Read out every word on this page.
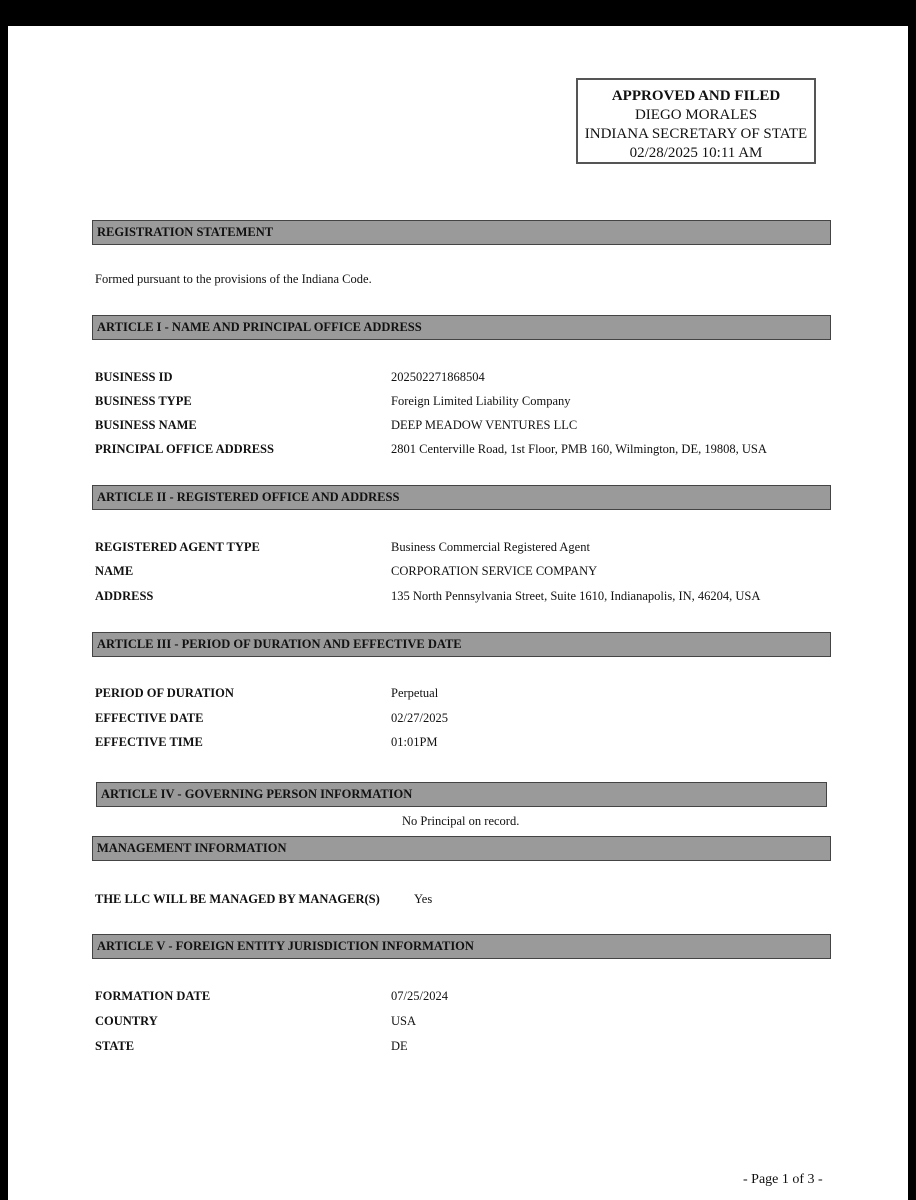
APPROVED AND FILED
DIEGO MORALES
INDIANA SECRETARY OF STATE
02/28/2025 10:11 AM
REGISTRATION STATEMENT
Formed pursuant to the provisions of the Indiana Code.
ARTICLE I - NAME AND PRINCIPAL OFFICE ADDRESS
BUSINESS ID	202502271868504
BUSINESS TYPE	Foreign Limited Liability Company
BUSINESS NAME	DEEP MEADOW VENTURES LLC
PRINCIPAL OFFICE ADDRESS	2801 Centerville Road, 1st Floor, PMB 160, Wilmington, DE, 19808, USA
ARTICLE II - REGISTERED OFFICE AND ADDRESS
REGISTERED AGENT TYPE	Business Commercial Registered Agent
NAME	CORPORATION SERVICE COMPANY
ADDRESS	135 North Pennsylvania Street, Suite 1610, Indianapolis, IN, 46204, USA
ARTICLE III - PERIOD OF DURATION AND EFFECTIVE DATE
PERIOD OF DURATION	Perpetual
EFFECTIVE DATE	02/27/2025
EFFECTIVE TIME	01:01PM
ARTICLE IV - GOVERNING PERSON INFORMATION
No Principal on record.
MANAGEMENT INFORMATION
THE LLC WILL BE MANAGED BY MANAGER(S)	Yes
ARTICLE V - FOREIGN ENTITY JURISDICTION INFORMATION
FORMATION DATE	07/25/2024
COUNTRY	USA
STATE	DE
- Page 1 of 3 -
